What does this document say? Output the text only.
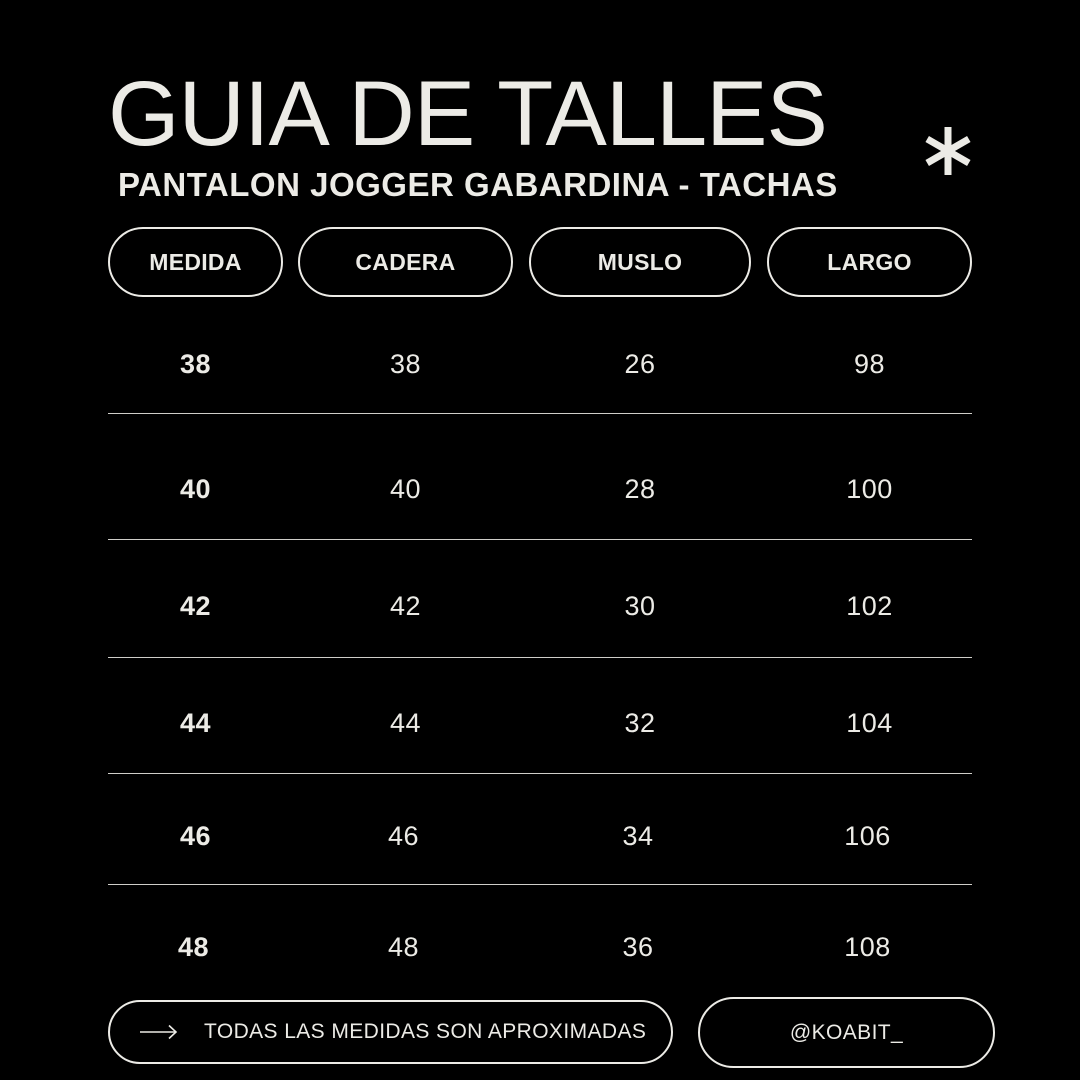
GUIA DE TALLES
PANTALON JOGGER GABARDINA - TACHAS
MEDIDA	CADERA	MUSLO	LARGO
38	38	26	98
40	40	28	100
42	42	30	102
44	44	32	104
46	46	34	106
48	48	36	108
TODAS LAS MEDIDAS SON APROXIMADAS	@KOABIT_
